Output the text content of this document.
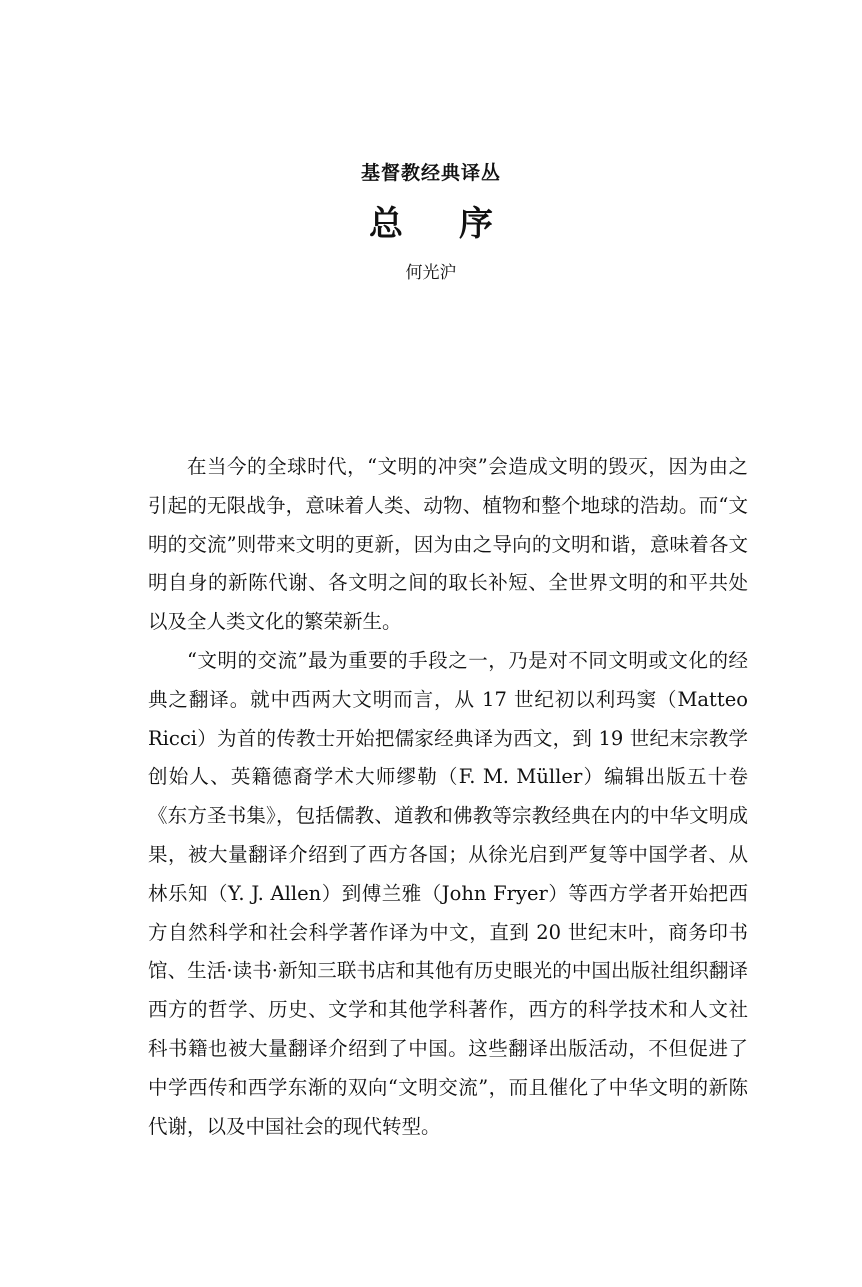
基督教经典译丛
总序
何光沪

在当今的全球时代，“文明的冲突”会造成文明的毁灭，因为由之引起的无限战争，意味着人类、动物、植物和整个地球的浩劫。而“文明的交流”则带来文明的更新，因为由之导向的文明和谐，意味着各文明自身的新陈代谢、各文明之间的取长补短、全世界文明的和平共处以及全人类文化的繁荣新生。

“文明的交流”最为重要的手段之一，乃是对不同文明或文化的经典之翻译。就中西两大文明而言，从 17 世纪初以利玛窦（Matteo Ricci）为首的传教士开始把儒家经典译为西文，到 19 世纪末宗教学创始人、英籍德裔学术大师缪勒（F. M. Müller）编辑出版五十卷《东方圣书集》，包括儒教、道教和佛教等宗教经典在内的中华文明成果，被大量翻译介绍到了西方各国；从徐光启到严复等中国学者、从林乐知（Y. J. Allen）到傅兰雅（John Fryer）等西方学者开始把西方自然科学和社会科学著作译为中文，直到 20 世纪末叶，商务印书馆、生活·读书·新知三联书店和其他有历史眼光的中国出版社组织翻译西方的哲学、历史、文学和其他学科著作，西方的科学技术和人文社科书籍也被大量翻译介绍到了中国。这些翻译出版活动，不但促进了中学西传和西学东渐的双向“文明交流”，而且催化了中华文明的新陈代谢，以及中国社会的现代转型。
